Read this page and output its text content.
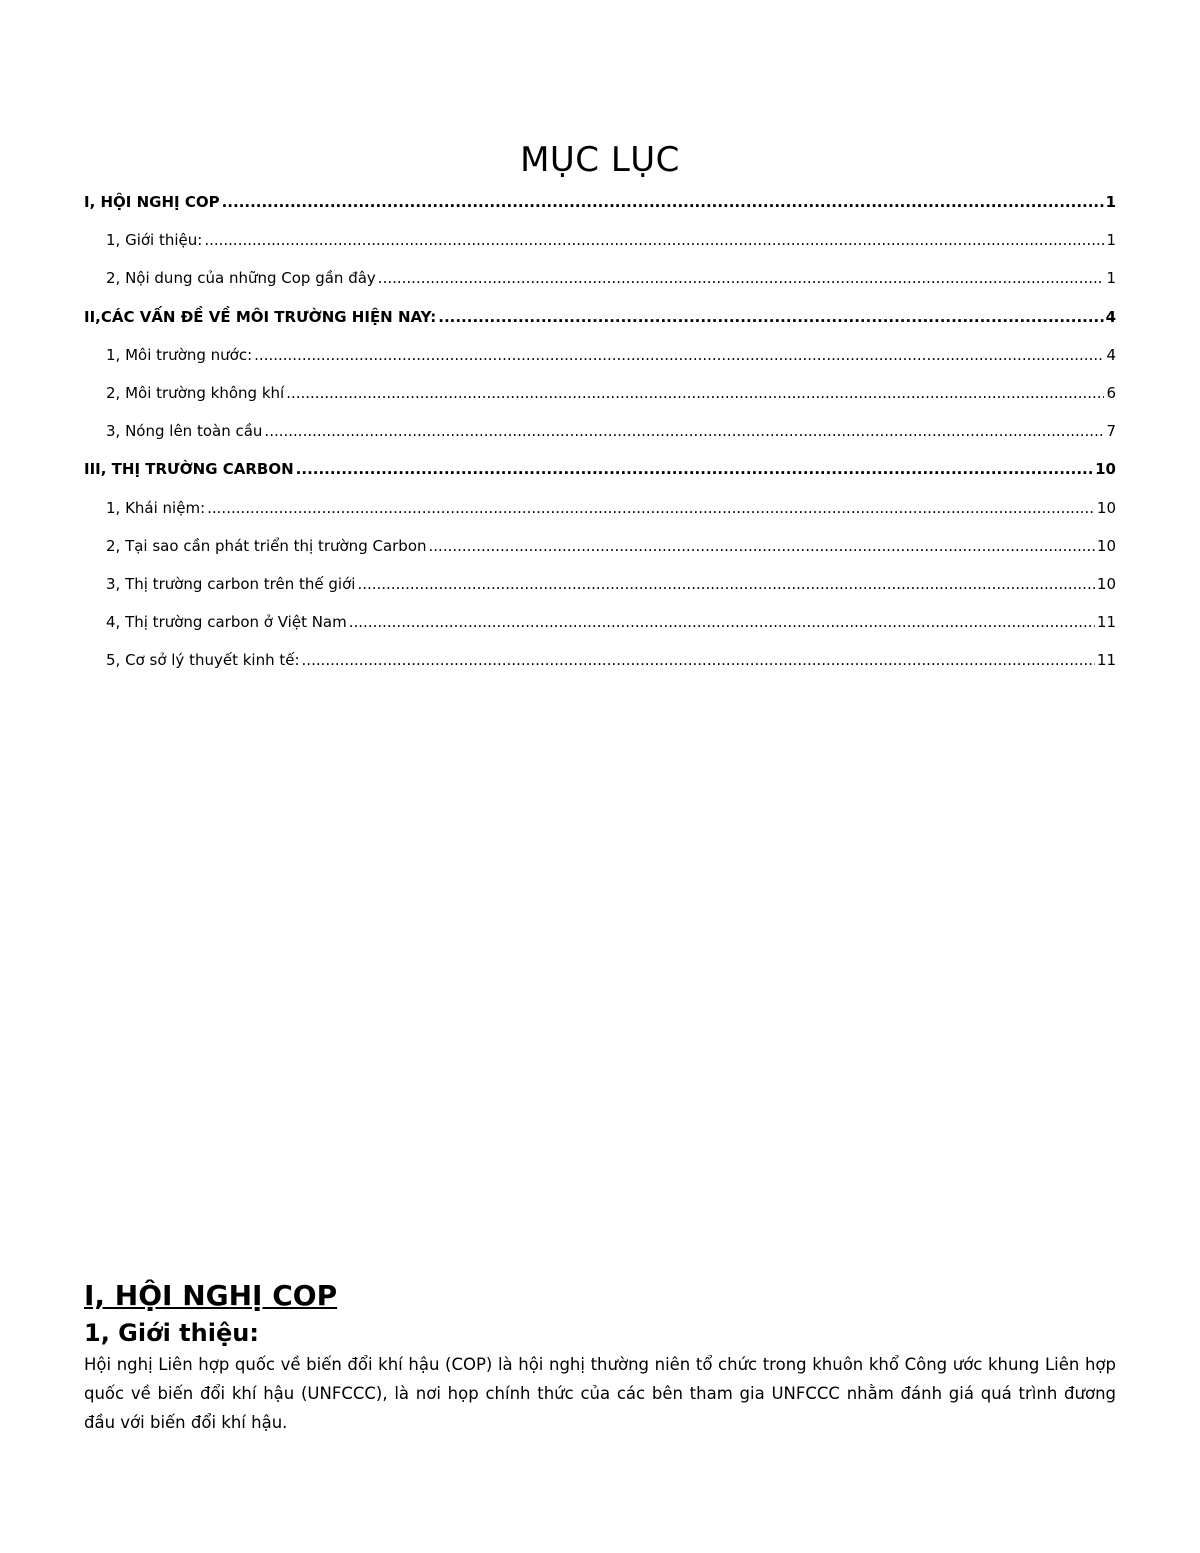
MỤC LỤC
I, HỘI NGHỊ COP .....	1
1, Giới thiệu: .....	1
2, Nội dung của những Cop gần đây .....	1
II,CÁC VẤN ĐỀ VỀ MÔI TRƯỜNG HIỆN NAY: .....	4
1, Môi trường nước: .....	4
2, Môi trường không khí .....	6
3, Nóng lên toàn cầu .....	7
III, THỊ TRƯỜNG CARBON .....	10
1, Khái niệm: .....	10
2, Tại sao cần phát triển thị trường Carbon .....	10
3, Thị trường carbon trên thế giới .....	10
4, Thị trường carbon ở Việt Nam .....	11
5, Cơ sở lý thuyết kinh tế: .....	11
I, HỘI NGHỊ COP
1, Giới thiệu:

Hội nghị Liên hợp quốc về biến đổi khí hậu (COP) là hội nghị thường niên tổ chức trong khuôn khổ Công ước khung Liên hợp quốc về biến đổi khí hậu (UNFCCC), là nơi họp chính thức của các bên tham gia UNFCCC nhằm đánh giá quá trình đương đầu với biến đổi khí hậu.
